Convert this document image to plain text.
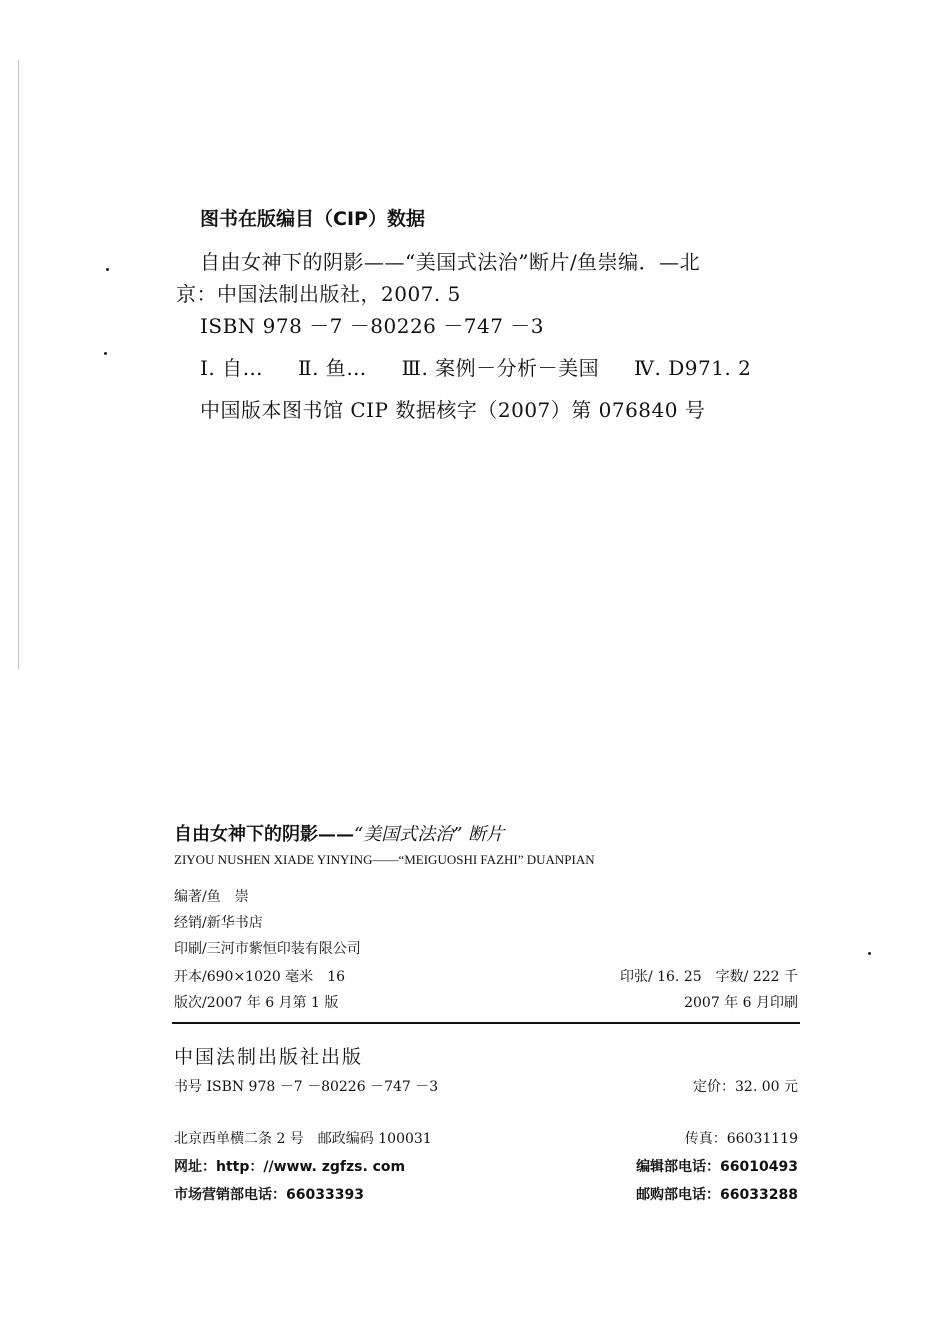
图书在版编目（CIP）数据
自由女神下的阴影——“美国式法治”断片/鱼崇编．—北
京：中国法制出版社，2007. 5
ISBN 978 －7 －80226 －747 －3
Ⅰ. 自… Ⅱ. 鱼… Ⅲ. 案例－分析－美国 Ⅳ. D971. 2
中国版本图书馆 CIP 数据核字（2007）第 076840 号
自由女神下的阴影——“美国式法治” 断片
ZIYOU NUSHEN XIADE YINYING——“MEIGUOSHI FAZHI” DUANPIAN
编著/鱼　崇
经销/新华书店
印刷/三河市紫恒印装有限公司
开本/690×1020 毫米　16	印张/ 16. 25　字数/ 222 千
版次/2007 年 6 月第 1 版	2007 年 6 月印刷
中国法制出版社出版
书号 ISBN 978 －7 －80226 －747 －3	定价：32. 00 元
北京西单横二条 2 号　邮政编码 100031	传真：66031119
网址：http：//www. zgfzs. com	编辑部电话：66010493
市场营销部电话：66033393	邮购部电话：66033288
